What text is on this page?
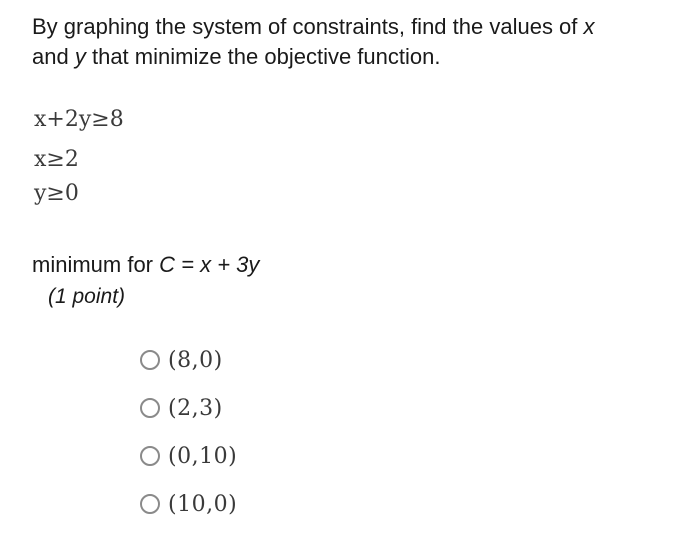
By graphing the system of constraints, find the values of x
and y that minimize the objective function.
x+2y≥8
x≥2
y≥0
minimum for C = x + 3y
(1 point)
(8,0)
(2,3)
(0,10)
(10,0)
